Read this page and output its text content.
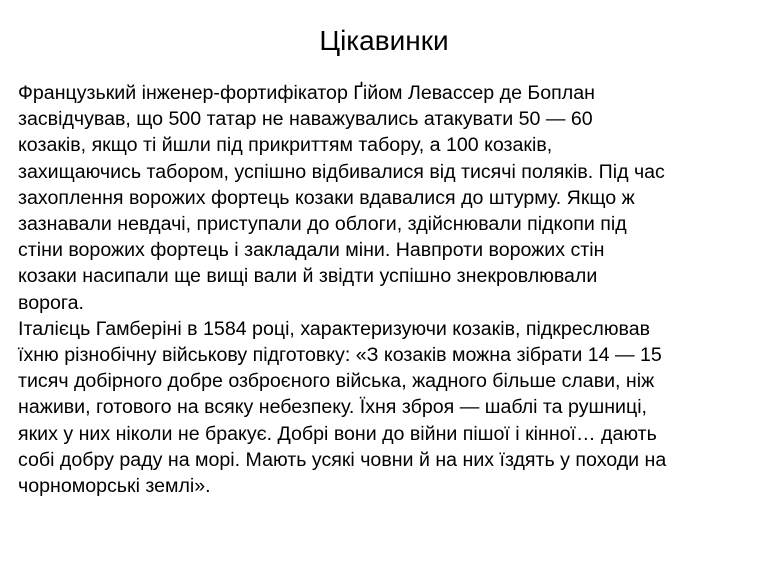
Цікавинки
Французький інженер-фортифікатор Ґійом Левассер де Боплан
засвідчував, що 500 татар не наважувались атакувати 50 — 60
козаків, якщо ті йшли під прикриттям табору, а 100 козаків,
захищаючись табором, успішно відбивалися від тисячі поляків. Під час
захоплення ворожих фортець козаки вдавалися до штурму. Якщо ж
зазнавали невдачі, приступали до облоги, здійснювали підкопи під
стіни ворожих фортець і закладали міни. Навпроти ворожих стін
козаки насипали ще вищі вали й звідти успішно знекровлювали
ворога.
Італієць Гамберіні в 1584 році, характеризуючи козаків, підкреслював
їхню різнобічну військову підготовку: «З козаків можна зібрати 14 — 15
тисяч добірного добре озброєного війська, жадного більше слави, ніж
наживи, готового на всяку небезпеку. Їхня зброя — шаблі та рушниці,
яких у них ніколи не бракує. Добрі вони до війни пішої і кінної… дають
собі добру раду на морі. Мають усякі човни й на них їздять у походи на
чорноморські землі».
